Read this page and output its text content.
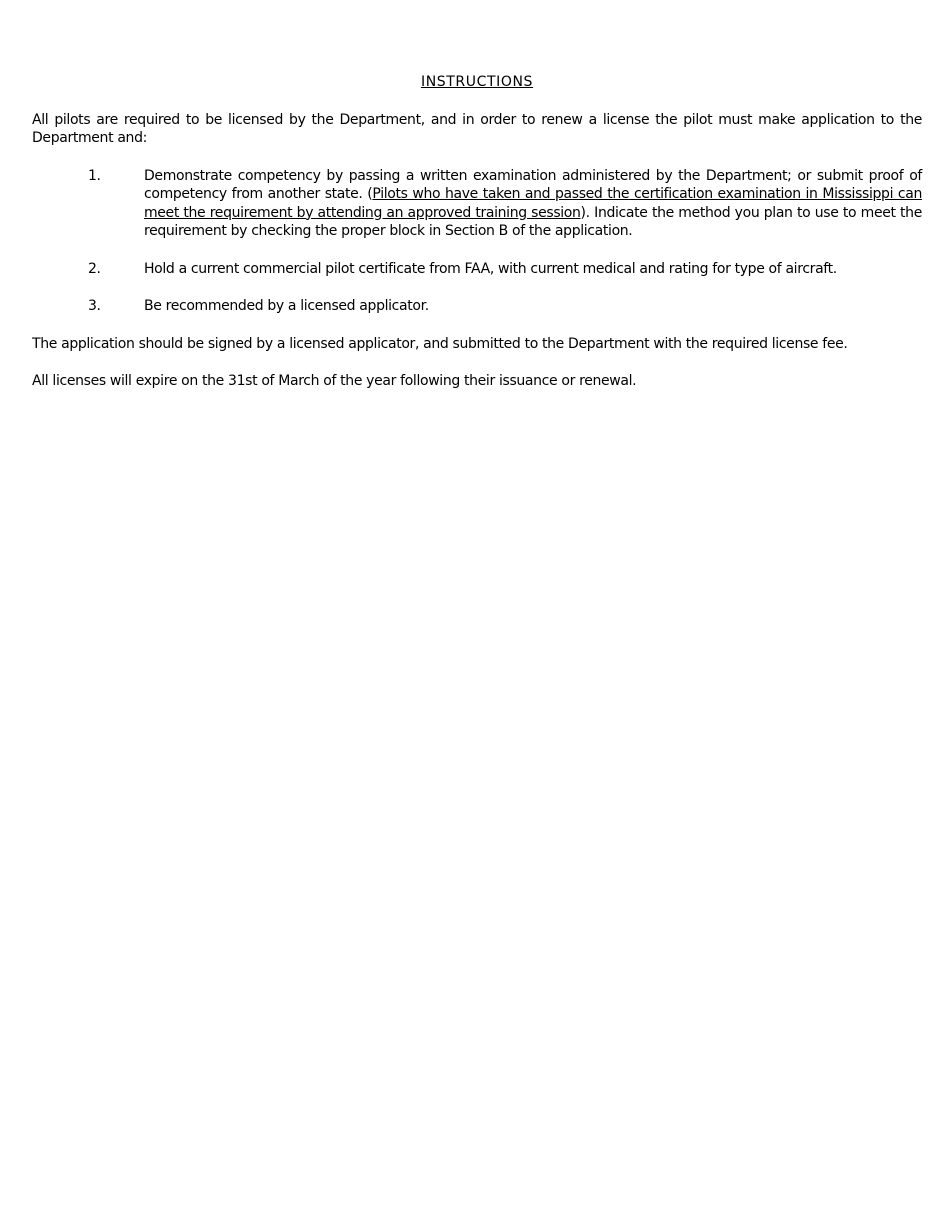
INSTRUCTIONS

All pilots are required to be licensed by the Department, and in order to renew a license the pilot must make application to the Department and:

1.	Demonstrate competency by passing a written examination administered by the Department; or submit proof of competency from another state. (Pilots who have taken and passed the certification examination in Mississippi can meet the requirement by attending an approved training session). Indicate the method you plan to use to meet the requirement by checking the proper block in Section B of the application.
2.	Hold a current commercial pilot certificate from FAA, with current medical and rating for type of aircraft.
3.	Be recommended by a licensed applicator.

The application should be signed by a licensed applicator, and submitted to the Department with the required license fee.

All licenses will expire on the 31st of March of the year following their issuance or renewal.
